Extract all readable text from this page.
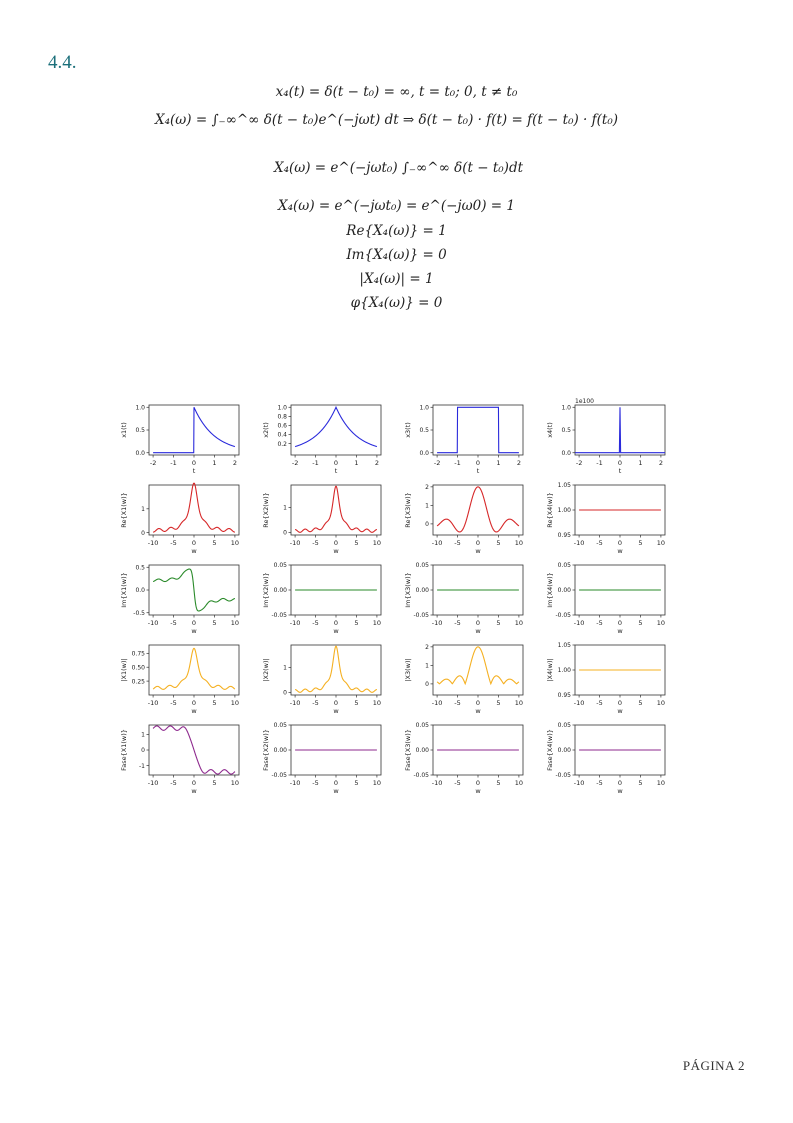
4.4.
x₄(t) = δ(t − t₀) = ∞, t = t₀; 0, t ≠ t₀
X₄(ω) = ∫₋∞^∞ δ(t − t₀)e^(−jωt) dt ⇒ δ(t − t₀) · f(t) = f(t − t₀) · f(t₀)
X₄(ω) = e^(−jωt₀) ∫₋∞^∞ δ(t − t₀)dt
X₄(ω) = e^(−jωt₀) = e^(−jω0) = 1
Re{X₄(ω)} = 1
Im{X₄(ω)} = 0
|X₄(ω)| = 1
φ{X₄(ω)} = 0
-2 -1 0	1	2
t
0.0
0.5
1.0
x1(t)
-2 -1 0	1	2
t
0.2
0.4
0.6
0.8
1.0
x2(t)
-2 -1 0	1	2
t
0.0
0.5
1.0
x3(t)
-2 -1 0	1	2
t
0.0
0.5
1.0
x4(t)
1e100
-10 -5 0	5 10
w
0
1
Re{X1(w)}
-10 -5 0	5 10
w
0
1
Re{X2(w)}
-10 -5 0	5 10
w
0
1
2
Re{X3(w)}
-10 -5 0	5 10
w
0.95
1.00
1.05
Re{X4(w)}
-10 -5 0	5 10
w
-0.5
0.0
0.5
Im{X1(w)}
-10 -5 0	5 10
w
-0.05
0.00
0.05
Im{X2(w)}
-10 -5 0	5 10
w
-0.05
0.00
0.05
Im{X3(w)}
-10 -5 0	5 10
w
-0.05
0.00
0.05
Im{X4(w)}
-10 -5 0	5 10
w
0.25
0.50
0.75
|X1(w)|
-10 -5 0	5 10
w
0
1
|X2(w)|
-10 -5 0	5 10
w
0
1
2
|X3(w)|
-10 -5 0	5 10
w
0.95
1.00
1.05
|X4(w)|
-10 -5 0	5 10
w
-1
0
1
Fase{X1(w)}
-10 -5 0	5 10
w
-0.05
0.00
0.05
Fase{X2(w)}
-10 -5 0	5 10
w
-0.05
0.00
0.05
Fase{X3(w)}
-10 -5 0	5 10
w
-0.05
0.00
0.05
Fase{X4(w)}
PÁGINA 2
